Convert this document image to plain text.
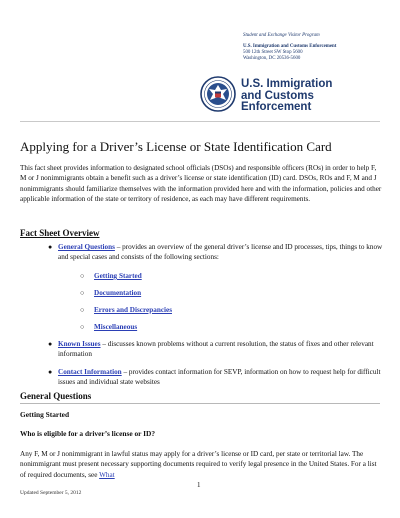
Student and Exchange Visitor Program
U.S. Immigration and Customs Enforcement
500 12th Street SW Stop 5600
Washington, DC 20536-5600
U.S. Immigration
and Customs
Enforcement
Applying for a Driver’s License or State Identification Card

This fact sheet provides information to designated school officials (DSOs) and responsible officers (ROs) in order to help F, M or J nonimmigrants obtain a benefit such as a driver’s license or state identification (ID) card. DSOs, ROs and F, M and J nonimmigrants should familiarize themselves with the information provided here and with the information, policies and other applicable information of the state or territory of residence, as each may have different requirements.

Fact Sheet Overview
● General Questions – provides an overview of the general driver’s license and ID processes, tips, things to know and special cases and consists of the following sections:
○ Getting Started
○ Documentation
○ Errors and Discrepancies
○ Miscellaneous
● Known Issues – discusses known problems without a current resolution, the status of fixes and other relevant information
● Contact Information – provides contact information for SEVP, information on how to request help for difficult issues and individual state websites
General Questions
Getting Started
Who is eligible for a driver’s license or ID?

Any F, M or J nonimmigrant in lawful status may apply for a driver’s license or ID card, per state or territorial law. The nonimmigrant must present necessary supporting documents required to verify legal presence in the United States. For a list of required documents, see What

1
Updated September 5, 2012
